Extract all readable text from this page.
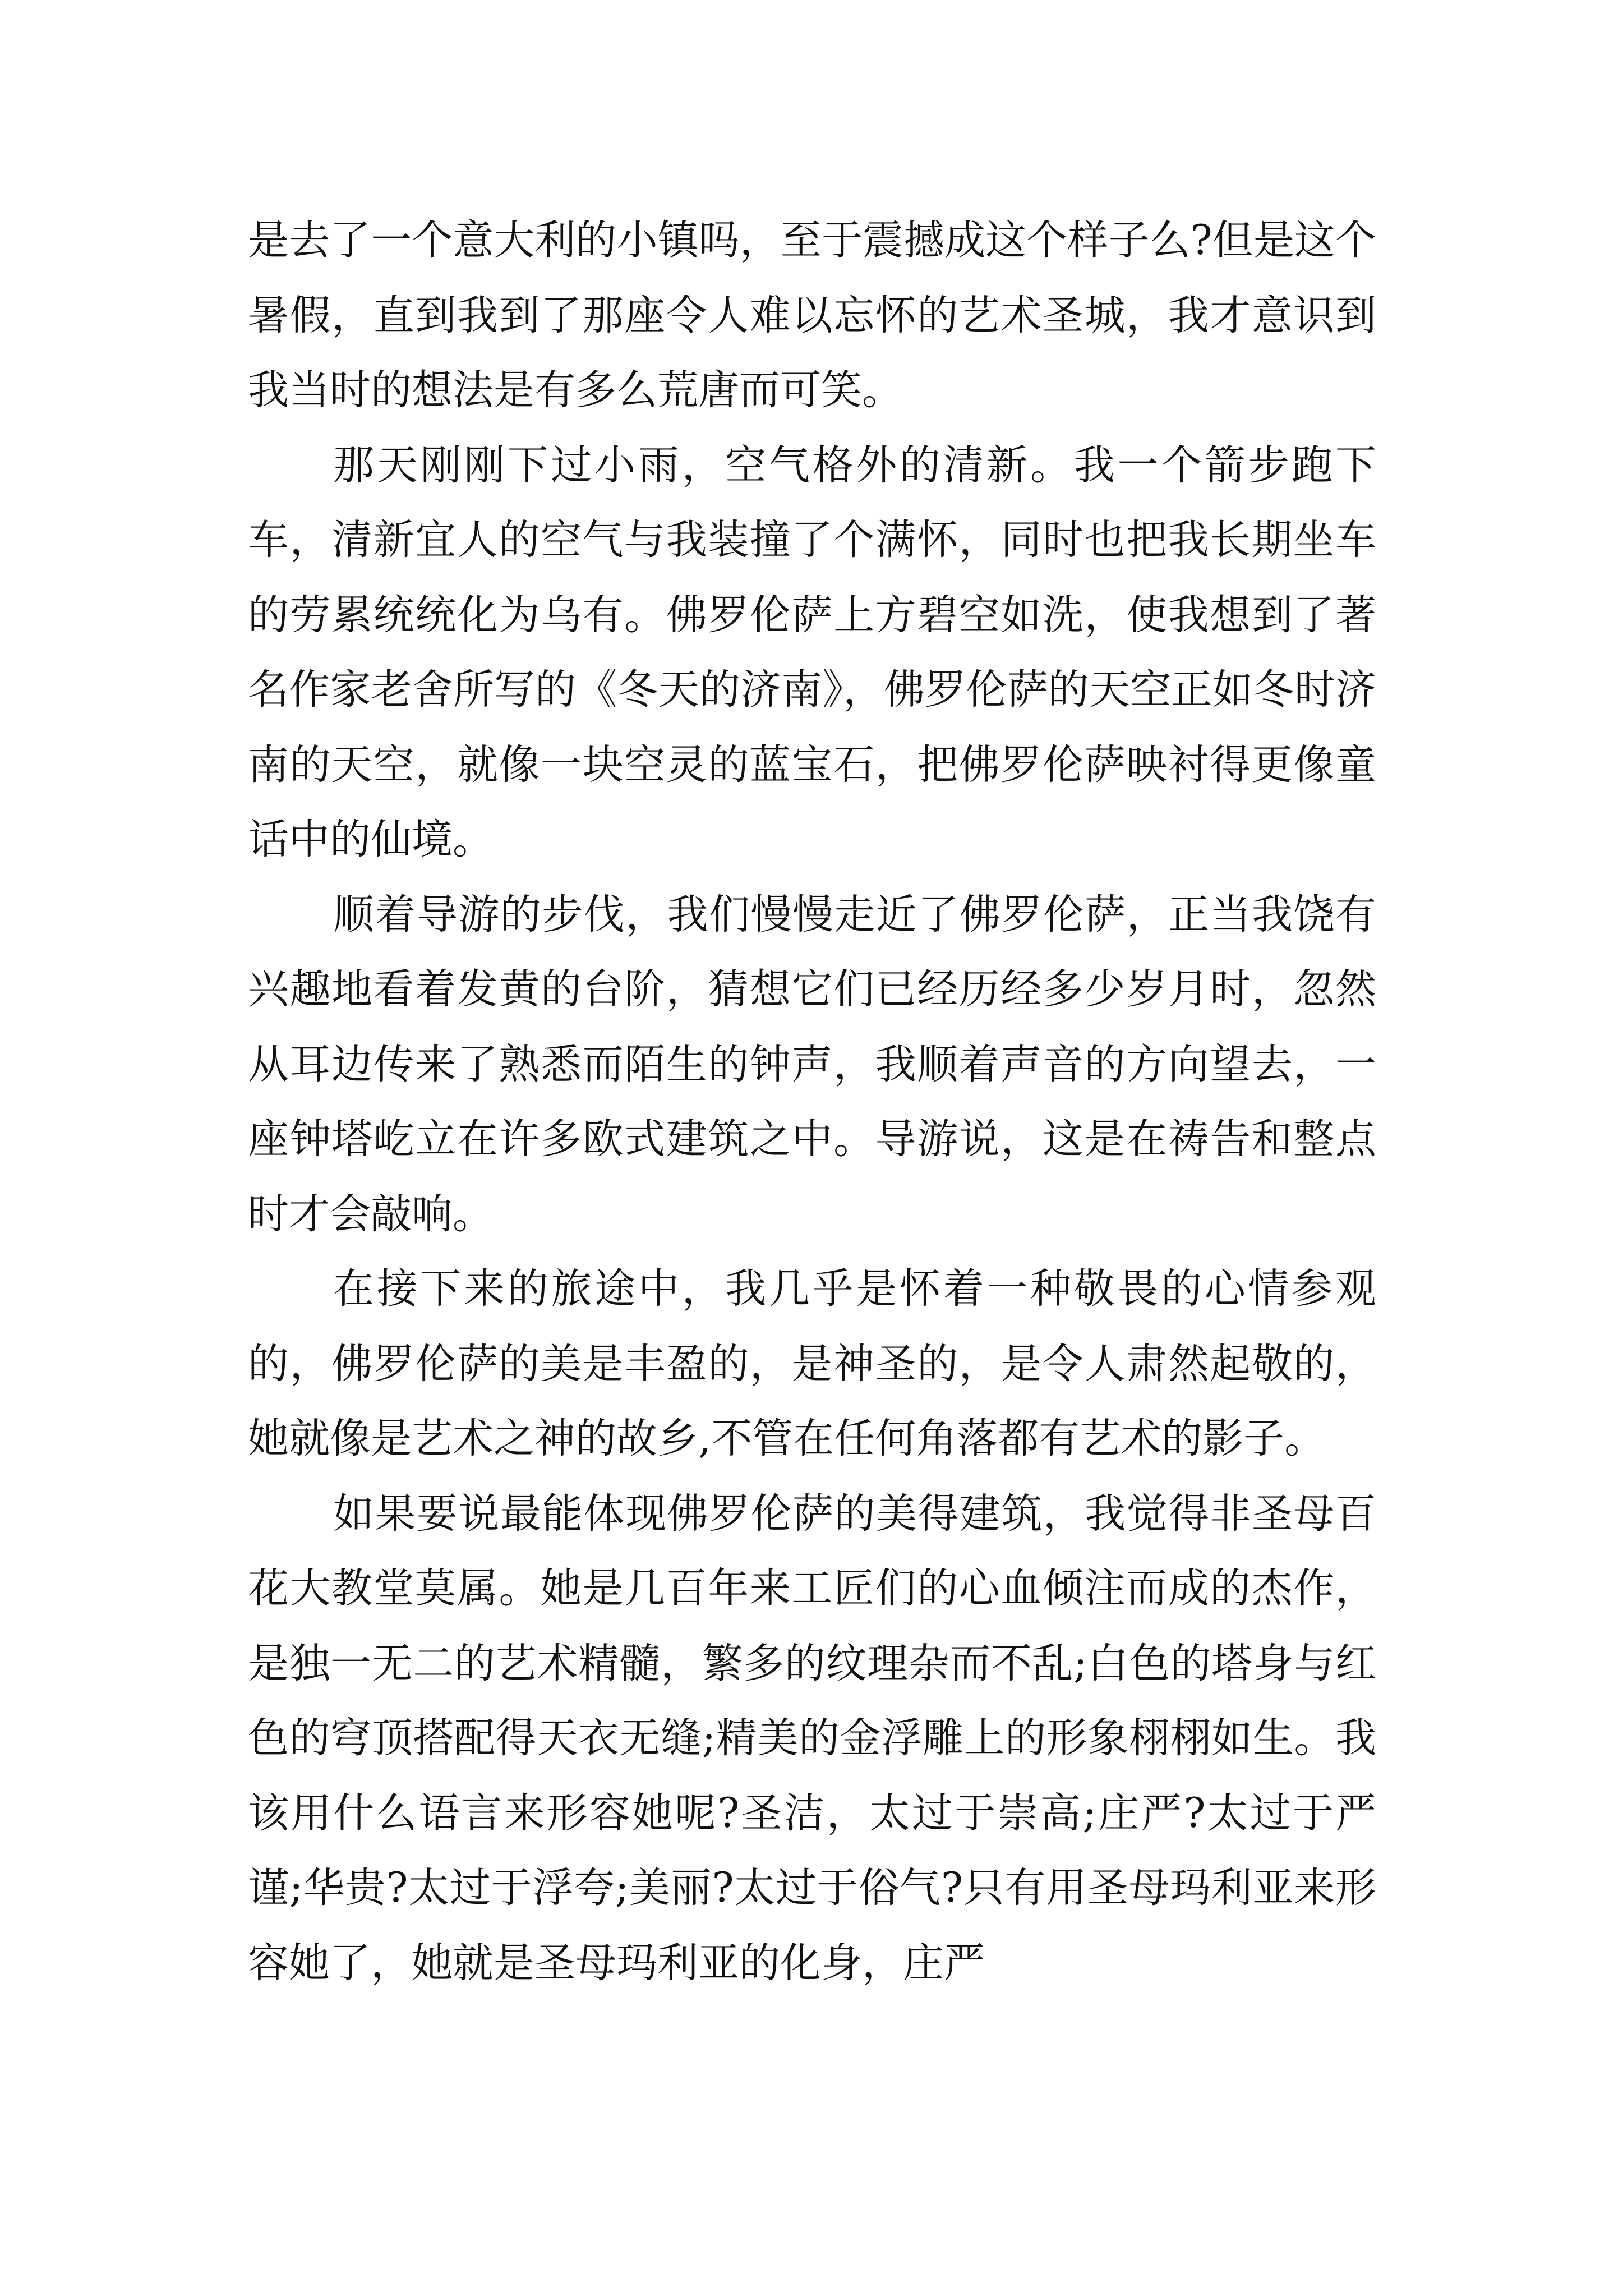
是去了一个意大利的小镇吗，至于震撼成这个样子么?但是这个暑假，直到我到了那座令人难以忘怀的艺术圣城，我才意识到我当时的想法是有多么荒唐而可笑。

那天刚刚下过小雨，空气格外的清新。我一个箭步跑下车，清新宜人的空气与我装撞了个满怀，同时也把我长期坐车的劳累统统化为乌有。佛罗伦萨上方碧空如洗，使我想到了著名作家老舍所写的《冬天的济南》，佛罗伦萨的天空正如冬时济南的天空，就像一块空灵的蓝宝石，把佛罗伦萨映衬得更像童话中的仙境。

顺着导游的步伐，我们慢慢走近了佛罗伦萨，正当我饶有兴趣地看着发黄的台阶，猜想它们已经历经多少岁月时，忽然从耳边传来了熟悉而陌生的钟声，我顺着声音的方向望去，一座钟塔屹立在许多欧式建筑之中。导游说，这是在祷告和整点时才会敲响。

在接下来的旅途中，我几乎是怀着一种敬畏的心情参观的，佛罗伦萨的美是丰盈的，是神圣的，是令人肃然起敬的，她就像是艺术之神的故乡,不管在任何角落都有艺术的影子。

如果要说最能体现佛罗伦萨的美得建筑，我觉得非圣母百花大教堂莫属。她是几百年来工匠们的心血倾注而成的杰作，是独一无二的艺术精髓，繁多的纹理杂而不乱;白色的塔身与红色的穹顶搭配得天衣无缝;精美的金浮雕上的形象栩栩如生。我该用什么语言来形容她呢?圣洁，太过于崇高;庄严?太过于严谨;华贵?太过于浮夸;美丽?太过于俗气?只有用圣母玛利亚来形容她了，她就是圣母玛利亚的化身，庄严
